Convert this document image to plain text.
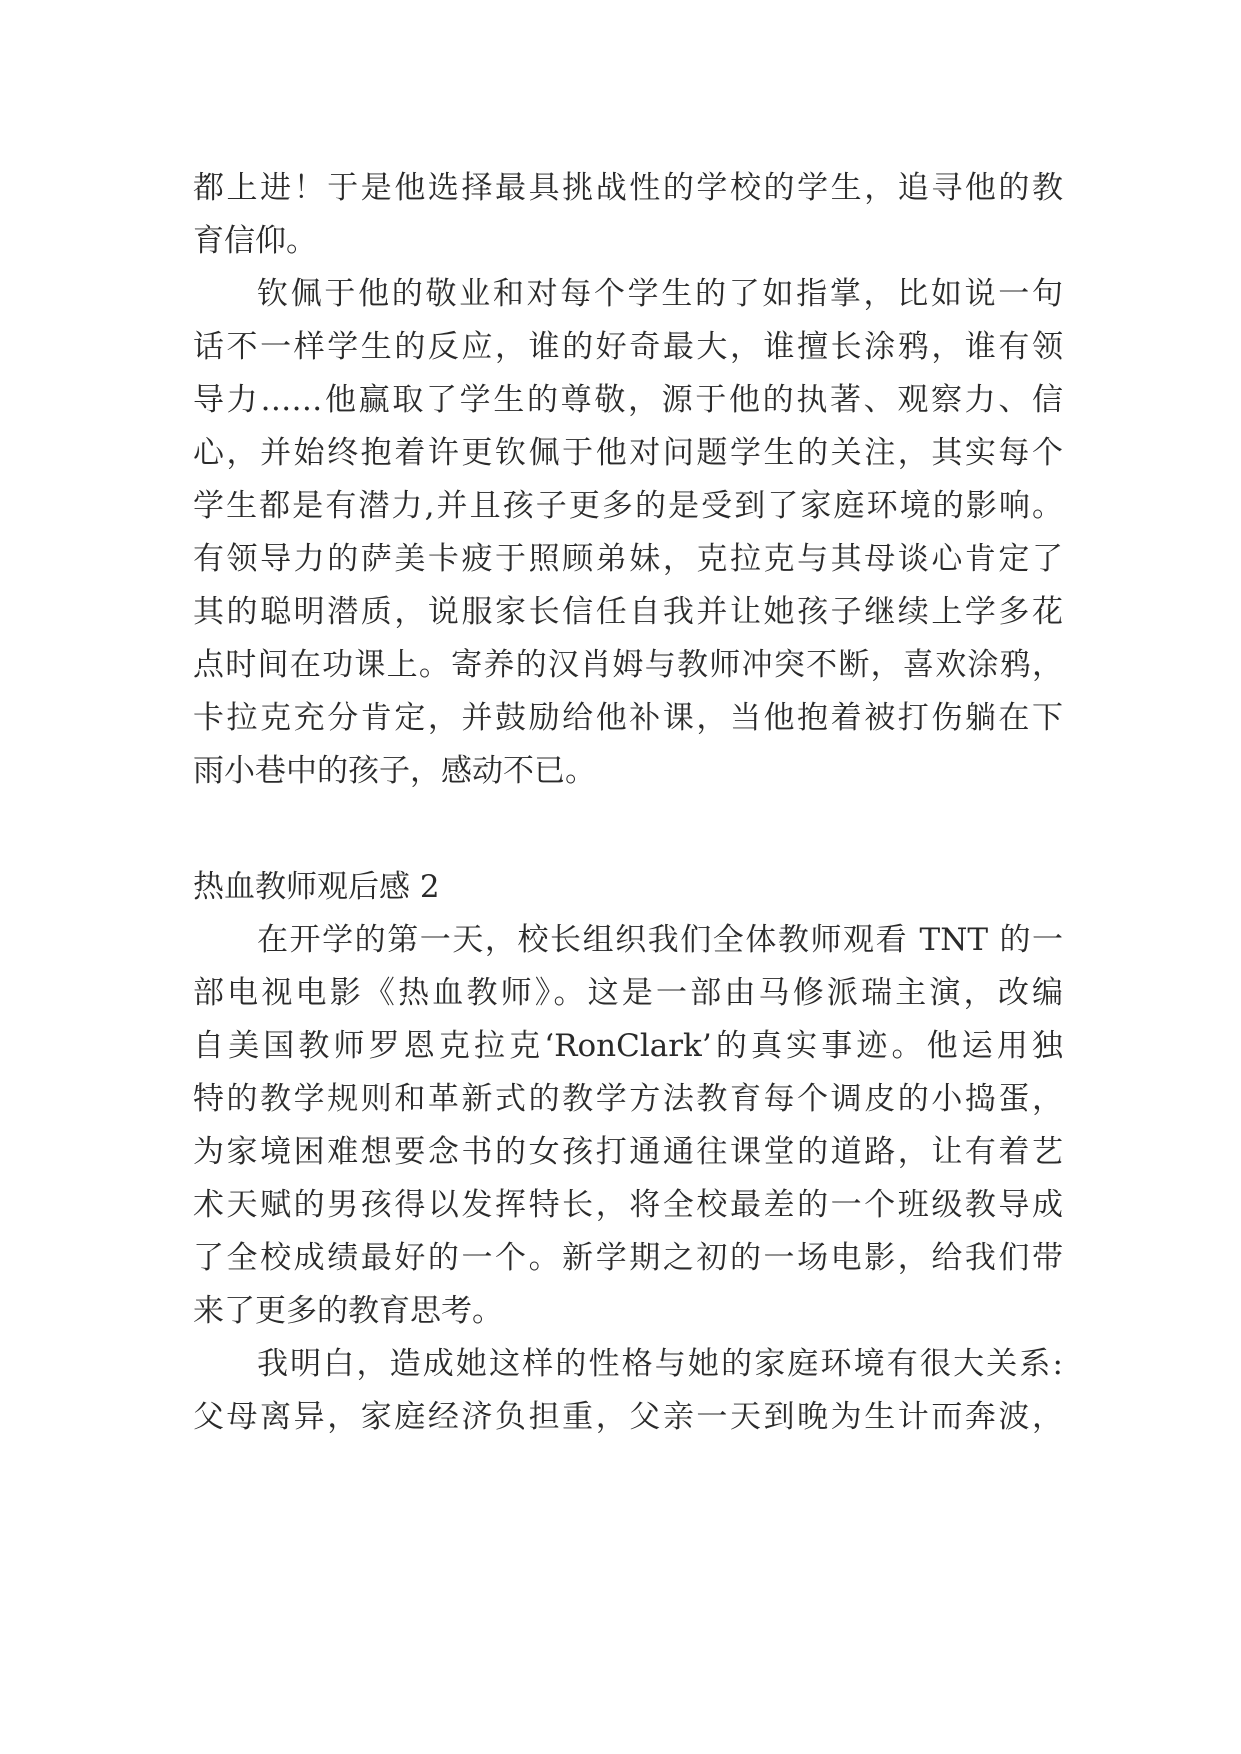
都上进！于是他选择最具挑战性的学校的学生，追寻他的教
育信仰。
钦佩于他的敬业和对每个学生的了如指掌，比如说一句
话不一样学生的反应，谁的好奇最大，谁擅长涂鸦，谁有领
导力……他赢取了学生的尊敬，源于他的执著、观察力、信
心，并始终抱着许更钦佩于他对问题学生的关注，其实每个
学生都是有潜力,并且孩子更多的是受到了家庭环境的影响。
有领导力的萨美卡疲于照顾弟妹，克拉克与其母谈心肯定了
其的聪明潜质，说服家长信任自我并让她孩子继续上学多花
点时间在功课上。寄养的汉肖姆与教师冲突不断，喜欢涂鸦，
卡拉克充分肯定，并鼓励给他补课，当他抱着被打伤躺在下
雨小巷中的孩子，感动不已。
热血教师观后感 2
在开学的第一天，校长组织我们全体教师观看 TNT 的一
部电视电影《热血教师》。这是一部由马修派瑞主演，改编
自美国教师罗恩克拉克‘RonClark’的真实事迹。他运用独
特的教学规则和革新式的教学方法教育每个调皮的小捣蛋，
为家境困难想要念书的女孩打通通往课堂的道路，让有着艺
术天赋的男孩得以发挥特长，将全校最差的一个班级教导成
了全校成绩最好的一个。新学期之初的一场电影，给我们带
来了更多的教育思考。
我明白，造成她这样的性格与她的家庭环境有很大关系:
父母离异，家庭经济负担重，父亲一天到晚为生计而奔波，
